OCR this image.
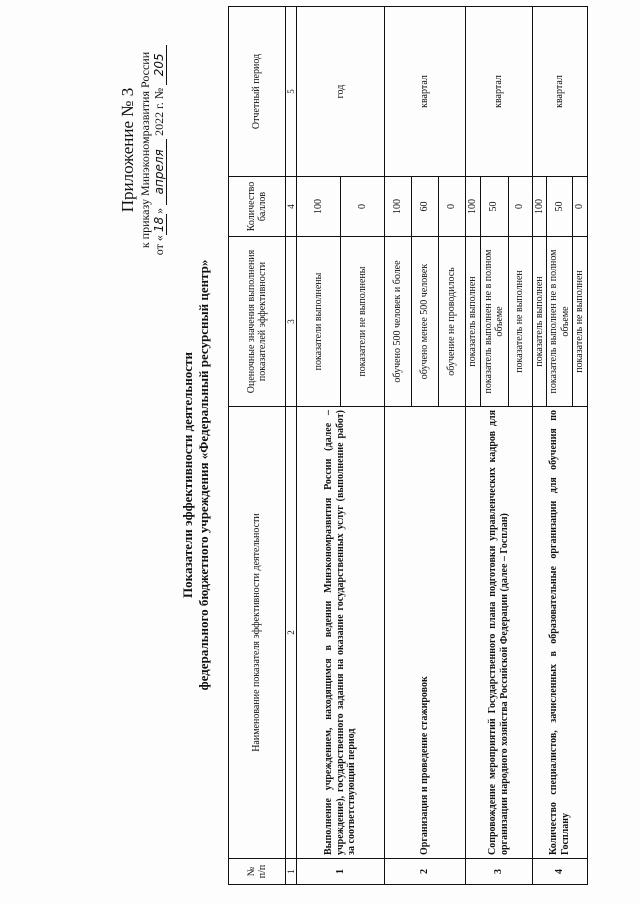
Приложение № 3 к приказу Минэкономразвития России от «18» апреля 2022 г. № 205
Показатели эффективности деятельности федерального бюджетного учреждения «Федеральный ресурсный центр»
№ п/п	Наименование показателя эффективности деятельности	Оценочные значения выполнения показателей эффективности	Количество баллов	Отчетный период
1	2	3	4	5
1	Выполнение учреждением, находящимся в ведении Минэкономразвития России (далее – учреждение), государственного задания на оказание государственных услуг (выполнение работ) за соответствующий период	показатели выполнены	100	год
		показатели не выполнены	0	
2	Организация и проведение стажировок	обучено 500 человек и более	100	квартал
		обучено менее 500 человек	60	
		обучение не проводилось	0	
3	Сопровождение мероприятий Государственного плана подготовки управленческих кадров для организации народного хозяйства Российской Федерации (далее – Госплан)	показатель выполнен	100	квартал
		показатель выполнен не в полном объеме	50	
		показатель не выполнен	0	
4	Количество специалистов, зачисленных в образовательные организации для обучения по Госплану	показатель выполнен	100	квартал
		показатель выполнен не в полном объеме	50	
		показатель не выполнен	0	
